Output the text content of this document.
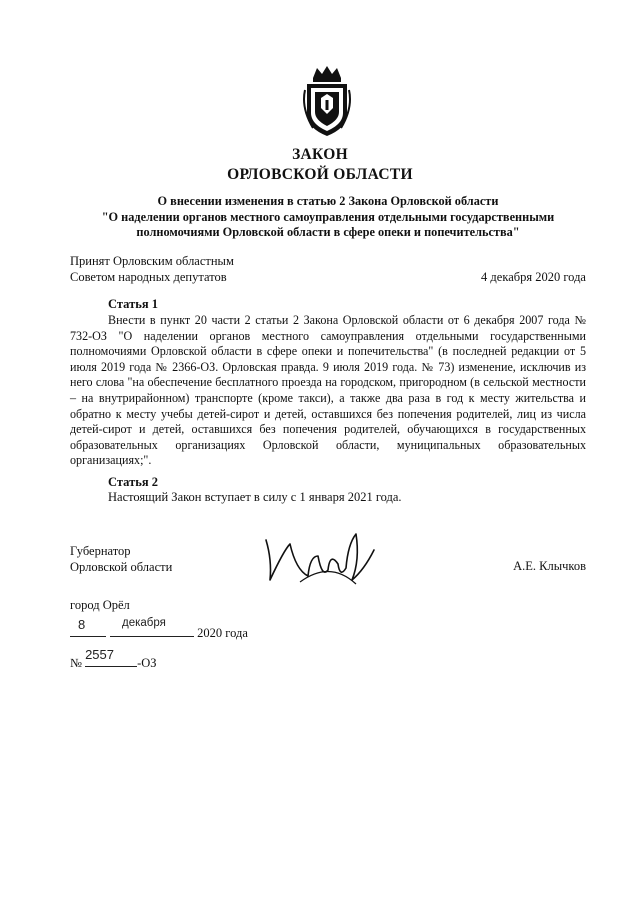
ЗАКОН
ОРЛОВСКОЙ ОБЛАСТИ
О внесении изменения в статью 2 Закона Орловской области
"О наделении органов местного самоуправления отдельными государственными
полномочиями Орловской области в сфере опеки и попечительства"
Принят Орловским областным
Советом народных депутатов	4 декабря 2020 года
Статья 1
Внести в пункт 20 части 2 статьи 2 Закона Орловской области от 6 декабря 2007 года № 732-ОЗ "О наделении органов местного самоуправления отдельными государственными полномочиями Орловской области в сфере опеки и попечительства" (в последней редакции от 5 июля 2019 года № 2366-ОЗ. Орловская правда. 9 июля 2019 года. № 73) изменение, исключив из него слова "на обеспечение бесплатного проезда на городском, пригородном (в сельской местности – на внутрирайонном) транспорте (кроме такси), а также два раза в год к месту жительства и обратно к месту учебы детей-сирот и детей, оставшихся без попечения родителей, лиц из числа детей-сирот и детей, оставшихся без попечения родителей, обучающихся в государственных образовательных организациях Орловской области, муниципальных образовательных организациях;".
Статья 2
Настоящий Закон вступает в силу с 1 января 2021 года.
Губернатор
Орловской области	А.Е. Клычков
город Орёл
8	декабря
2020 года
№
2557
-ОЗ
